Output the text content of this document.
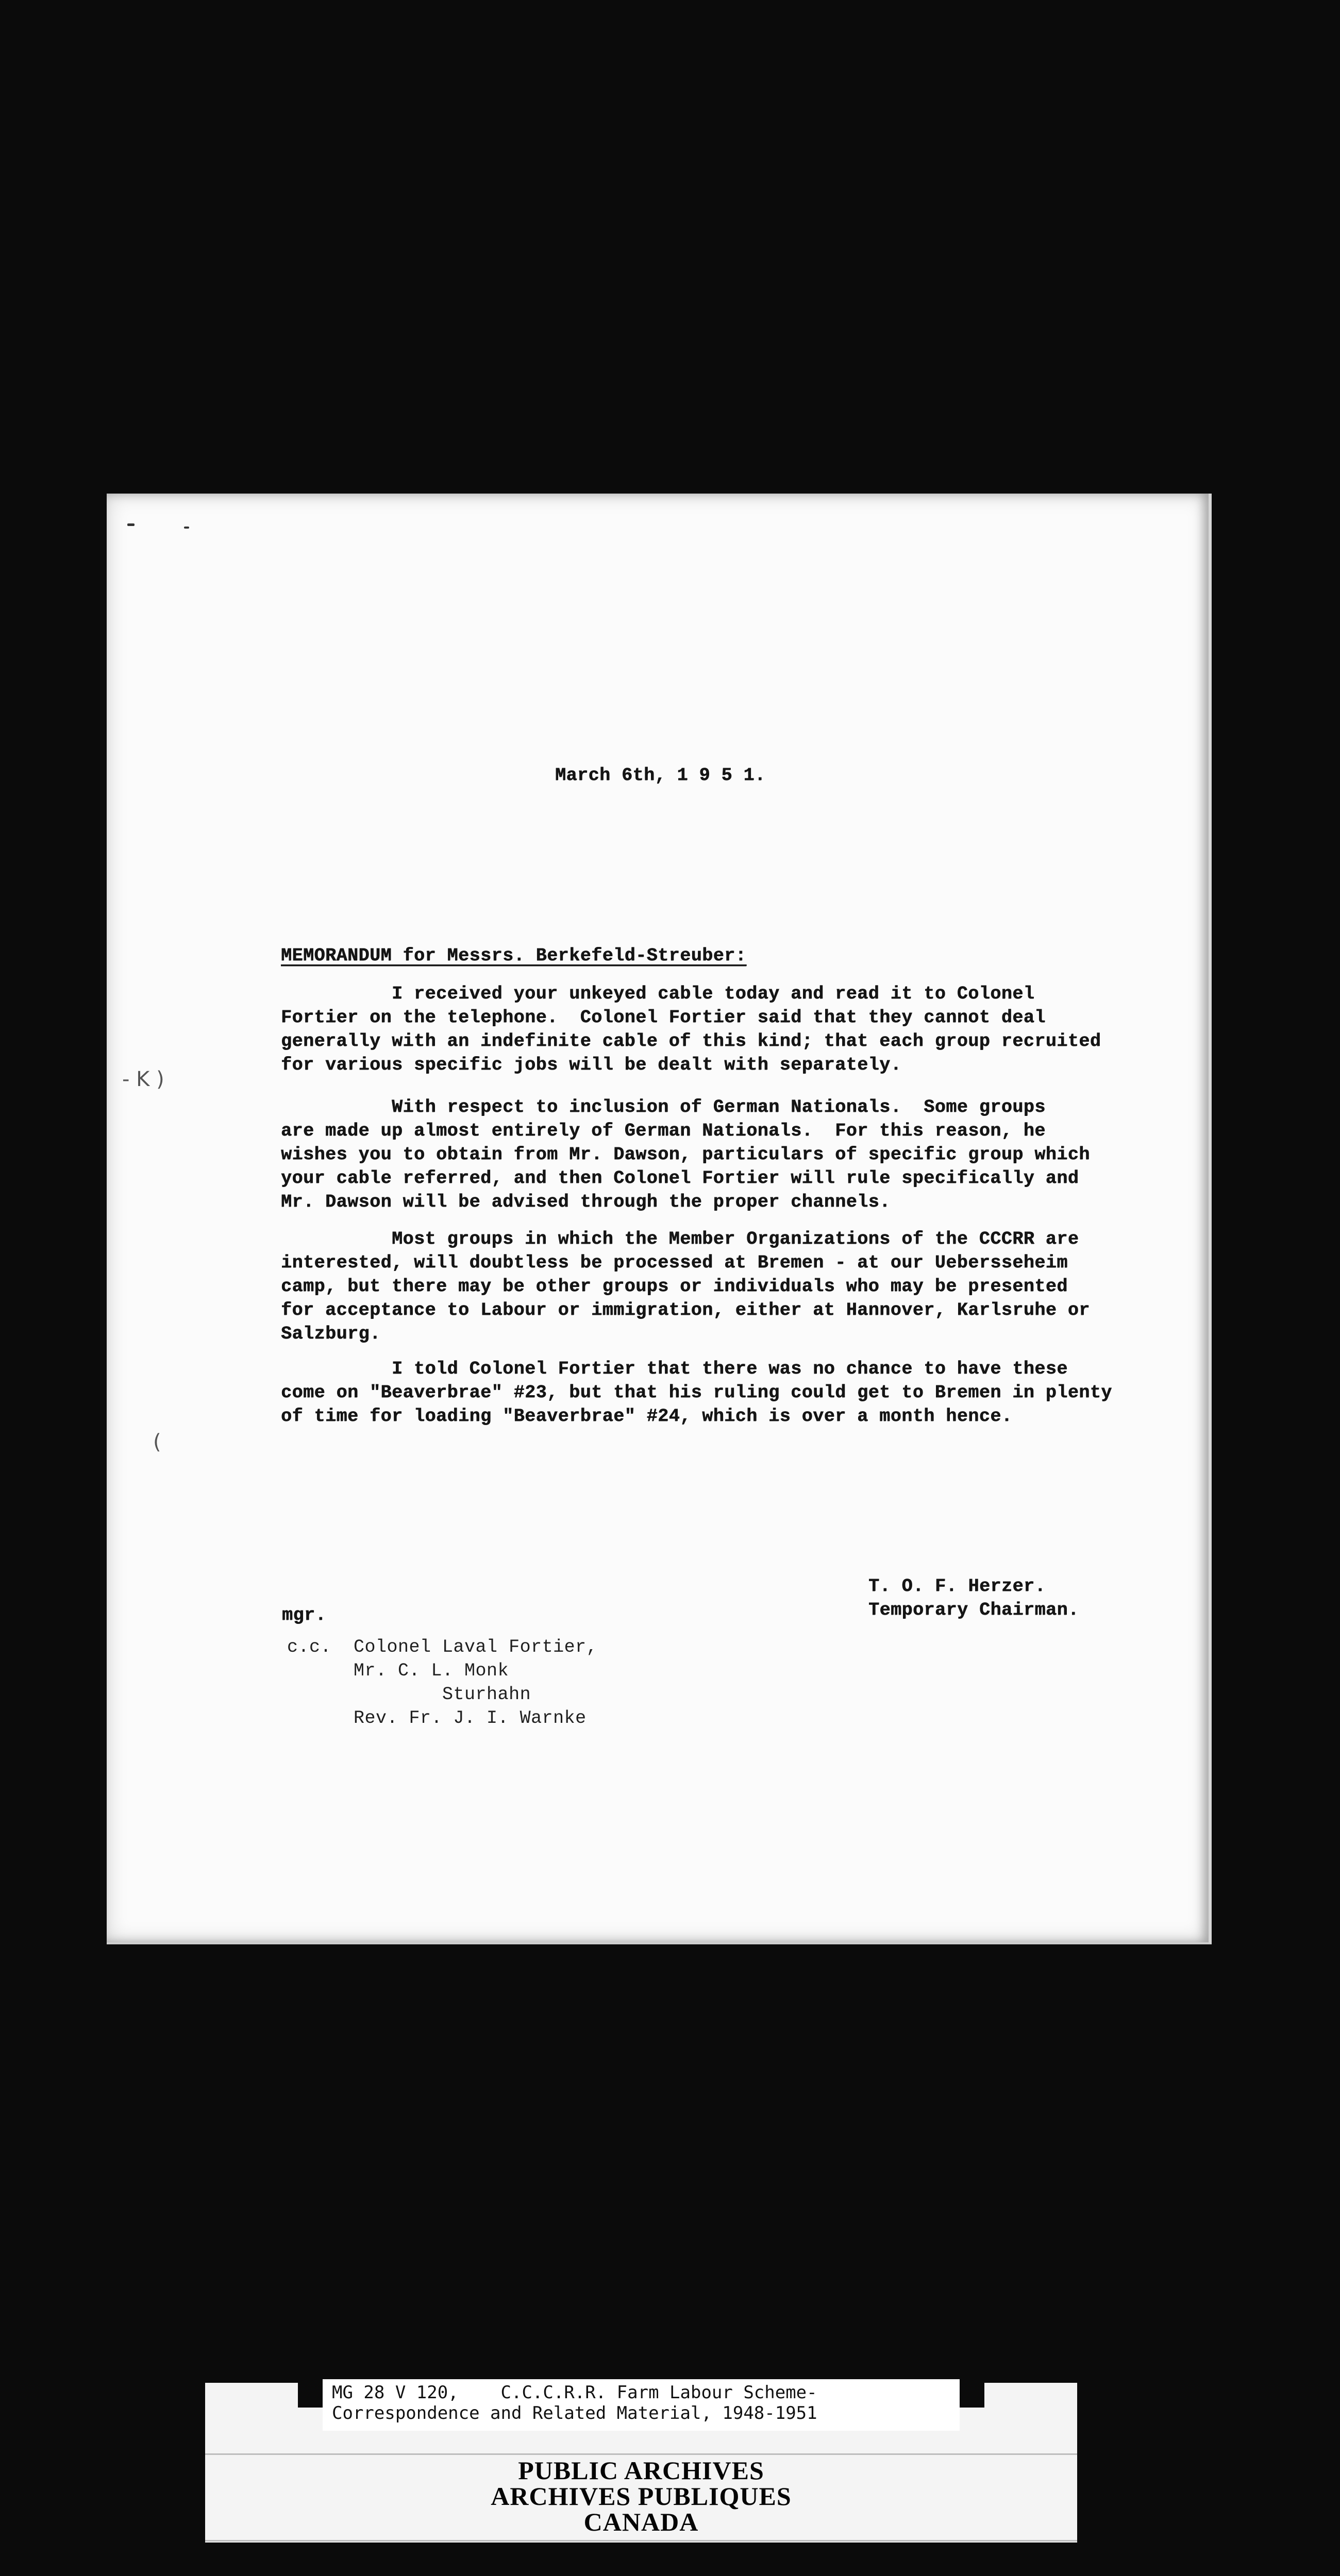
March 6th, 1 9 5 1.
MEMORANDUM for Messrs. Berkefeld-Streuber:
I received your unkeyed cable today and read it to Colonel
Fortier on the telephone.  Colonel Fortier said that they cannot deal
generally with an indefinite cable of this kind; that each group recruited
for various specific jobs will be dealt with separately.
With respect to inclusion of German Nationals.  Some groups
are made up almost entirely of German Nationals.  For this reason, he
wishes you to obtain from Mr. Dawson, particulars of specific group which
your cable referred, and then Colonel Fortier will rule specifically and
Mr. Dawson will be advised through the proper channels.
Most groups in which the Member Organizations of the CCCRR are
interested, will doubtless be processed at Bremen - at our Uebersseheim
camp, but there may be other groups or individuals who may be presented
for acceptance to Labour or immigration, either at Hannover, Karlsruhe or
Salzburg.
I told Colonel Fortier that there was no chance to have these
come on "Beaverbrae" #23, but that his ruling could get to Bremen in plenty
of time for loading "Beaverbrae" #24, which is over a month hence.
T. O. F. Herzer.
Temporary Chairman.
mgr.
c.c.  Colonel Laval Fortier,
Mr. C. L. Monk
Sturhahn
Rev. Fr. J. I. Warnke
- K )
(
MG 28 V 120,    C.C.C.R.R. Farm Labour Scheme-
Correspondence and Related Material, 1948-1951
PUBLIC ARCHIVES
ARCHIVES PUBLIQUES
CANADA
